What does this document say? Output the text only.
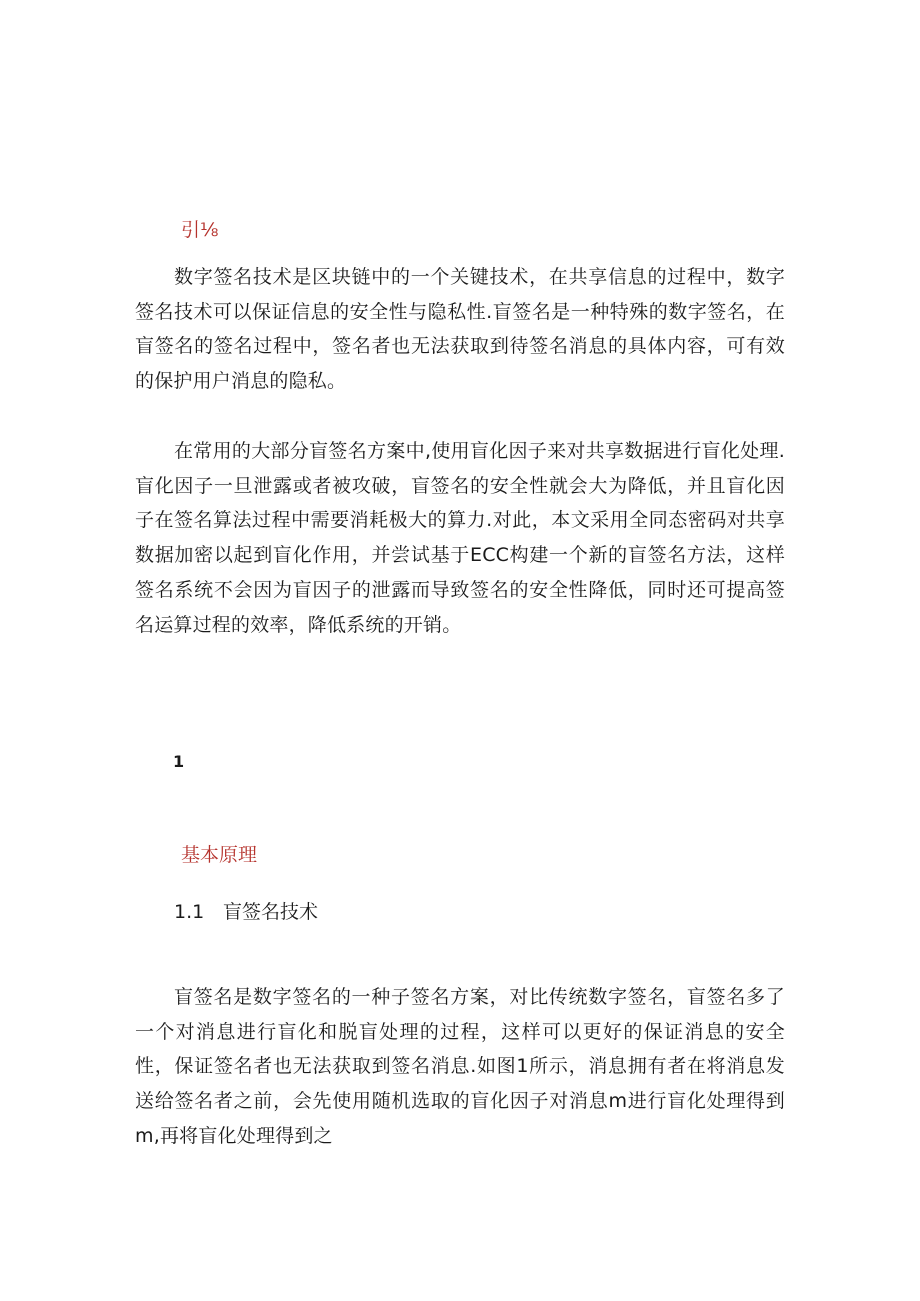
引⅛

数字签名技术是区块链中的一个关键技术，在共享信息的过程中，数字签名技术可以保证信息的安全性与隐私性.盲签名是一种特殊的数字签名，在盲签名的签名过程中，签名者也无法获取到待签名消息的具体内容，可有效的保护用户消息的隐私。

在常用的大部分盲签名方案中,使用盲化因子来对共享数据进行盲化处理.盲化因子一旦泄露或者被攻破，盲签名的安全性就会大为降低，并且盲化因子在签名算法过程中需要消耗极大的算力.对此，本文采用全同态密码对共享数据加密以起到盲化作用，并尝试基于ECC构建一个新的盲签名方法，这样签名系统不会因为盲因子的泄露而导致签名的安全性降低，同时还可提高签名运算过程的效率，降低系统的开销。

1
基本原理
1.1 盲签名技术

盲签名是数字签名的一种子签名方案，对比传统数字签名，盲签名多了一个对消息进行盲化和脱盲处理的过程，这样可以更好的保证消息的安全性，保证签名者也无法获取到签名消息.如图1所示，消息拥有者在将消息发送给签名者之前，会先使用随机选取的盲化因子对消息m进行盲化处理得到m,再将盲化处理得到之
